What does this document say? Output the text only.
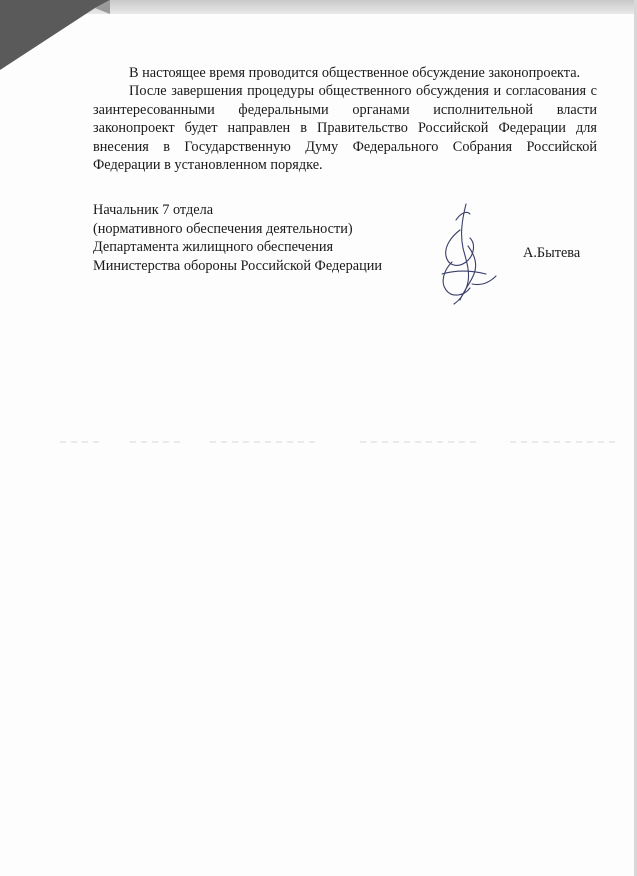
В настоящее время проводится общественное обсуждение законопроекта.

После завершения процедуры общественного обсуждения и согласования с заинтересованными федеральными органами исполнительной власти законопроект будет направлен в Правительство Российской Федерации для внесения в Государственную Думу Федерального Собрания Российской Федерации в установленном порядке.

Начальник 7 отдела
(нормативного обеспечения деятельности)
Департамента жилищного обеспечения
Министерства обороны Российской Федерации
А.Бытева
